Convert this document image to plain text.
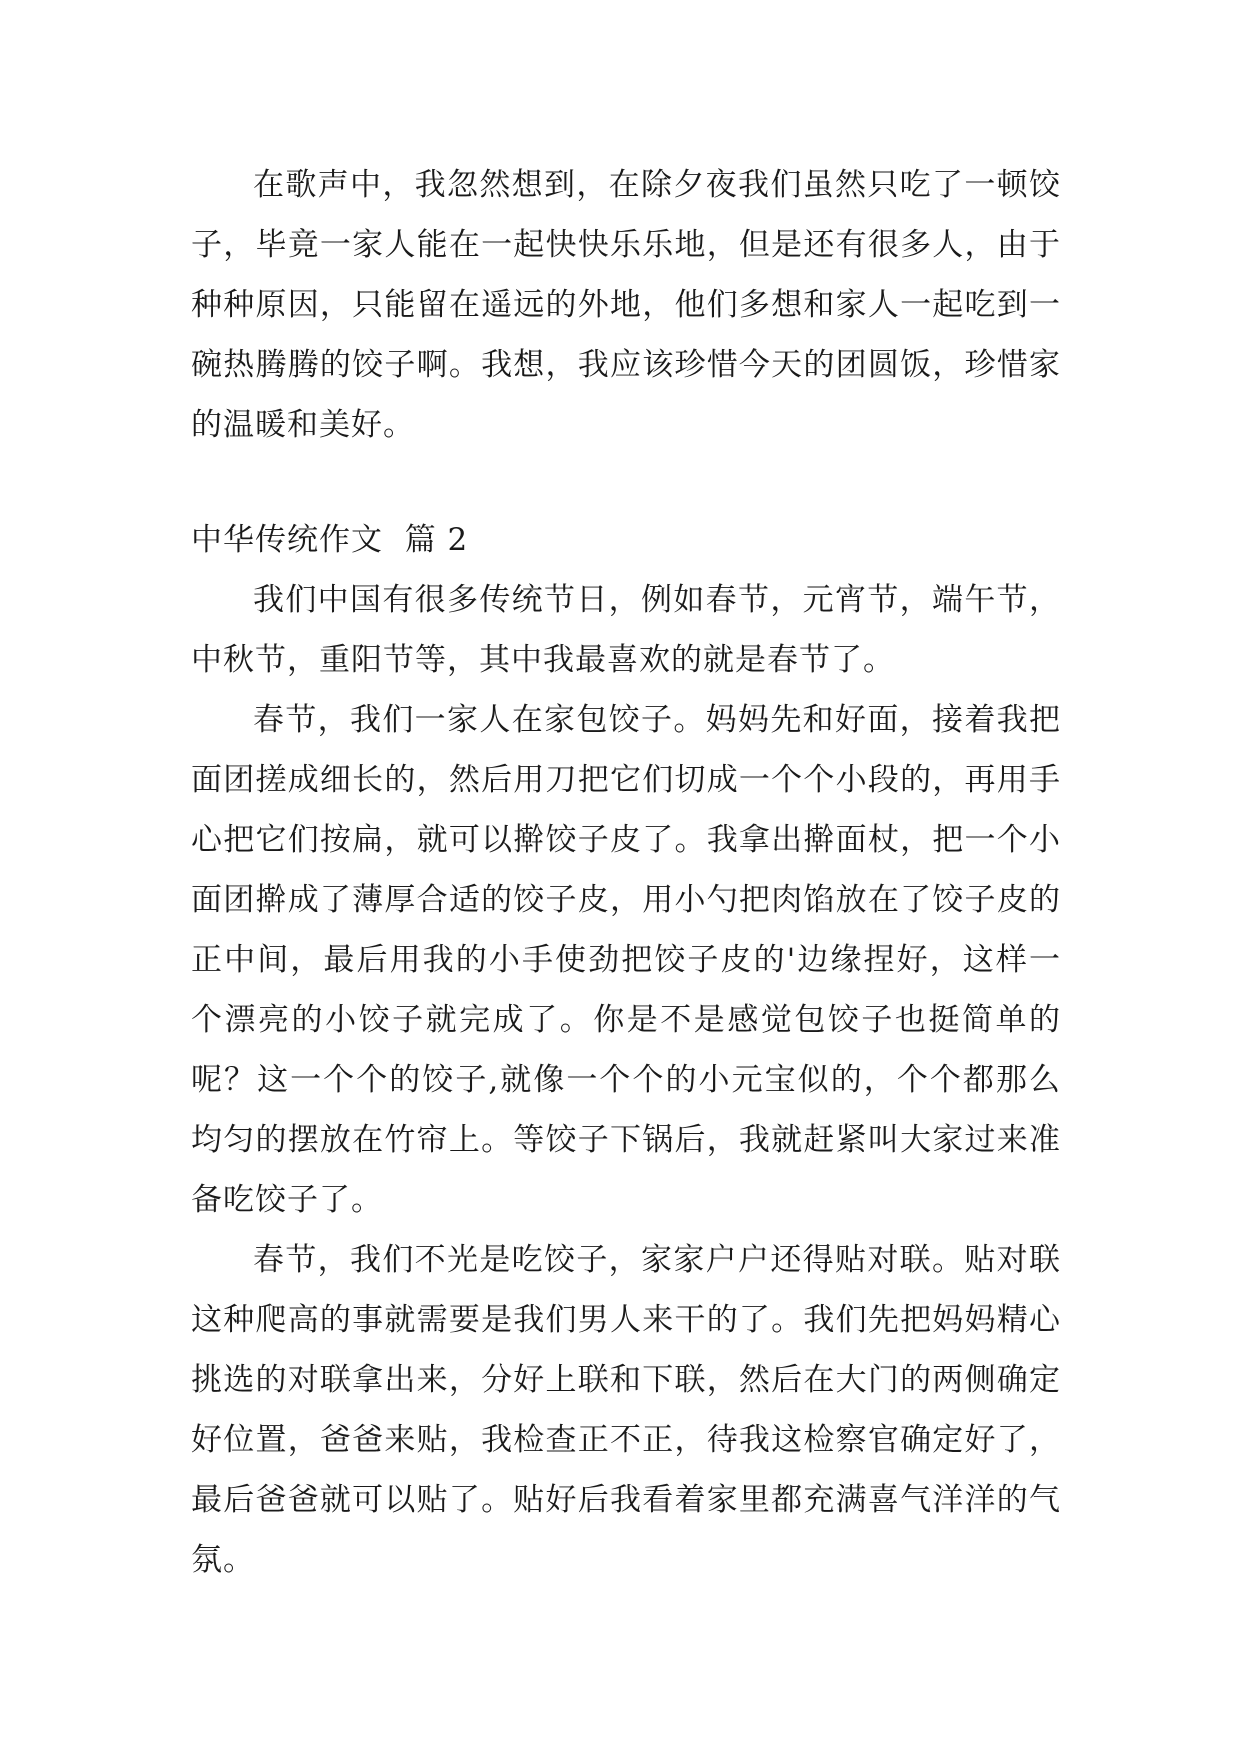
在歌声中，我忽然想到，在除夕夜我们虽然只吃了一顿饺子，毕竟一家人能在一起快快乐乐地，但是还有很多人，由于种种原因，只能留在遥远的外地，他们多想和家人一起吃到一碗热腾腾的饺子啊。我想，我应该珍惜今天的团圆饭，珍惜家的温暖和美好。

中华传统作文  篇 2

我们中国有很多传统节日，例如春节，元宵节，端午节，中秋节，重阳节等，其中我最喜欢的就是春节了。

春节，我们一家人在家包饺子。妈妈先和好面，接着我把面团搓成细长的，然后用刀把它们切成一个个小段的，再用手心把它们按扁，就可以擀饺子皮了。我拿出擀面杖，把一个小面团擀成了薄厚合适的饺子皮，用小勺把肉馅放在了饺子皮的正中间，最后用我的小手使劲把饺子皮的'边缘捏好，这样一个漂亮的小饺子就完成了。你是不是感觉包饺子也挺简单的呢？这一个个的饺子,就像一个个的小元宝似的，个个都那么均匀的摆放在竹帘上。等饺子下锅后，我就赶紧叫大家过来准备吃饺子了。

春节，我们不光是吃饺子，家家户户还得贴对联。贴对联这种爬高的事就需要是我们男人来干的了。我们先把妈妈精心挑选的对联拿出来，分好上联和下联，然后在大门的两侧确定好位置，爸爸来贴，我检查正不正，待我这检察官确定好了，最后爸爸就可以贴了。贴好后我看着家里都充满喜气洋洋的气氛。
